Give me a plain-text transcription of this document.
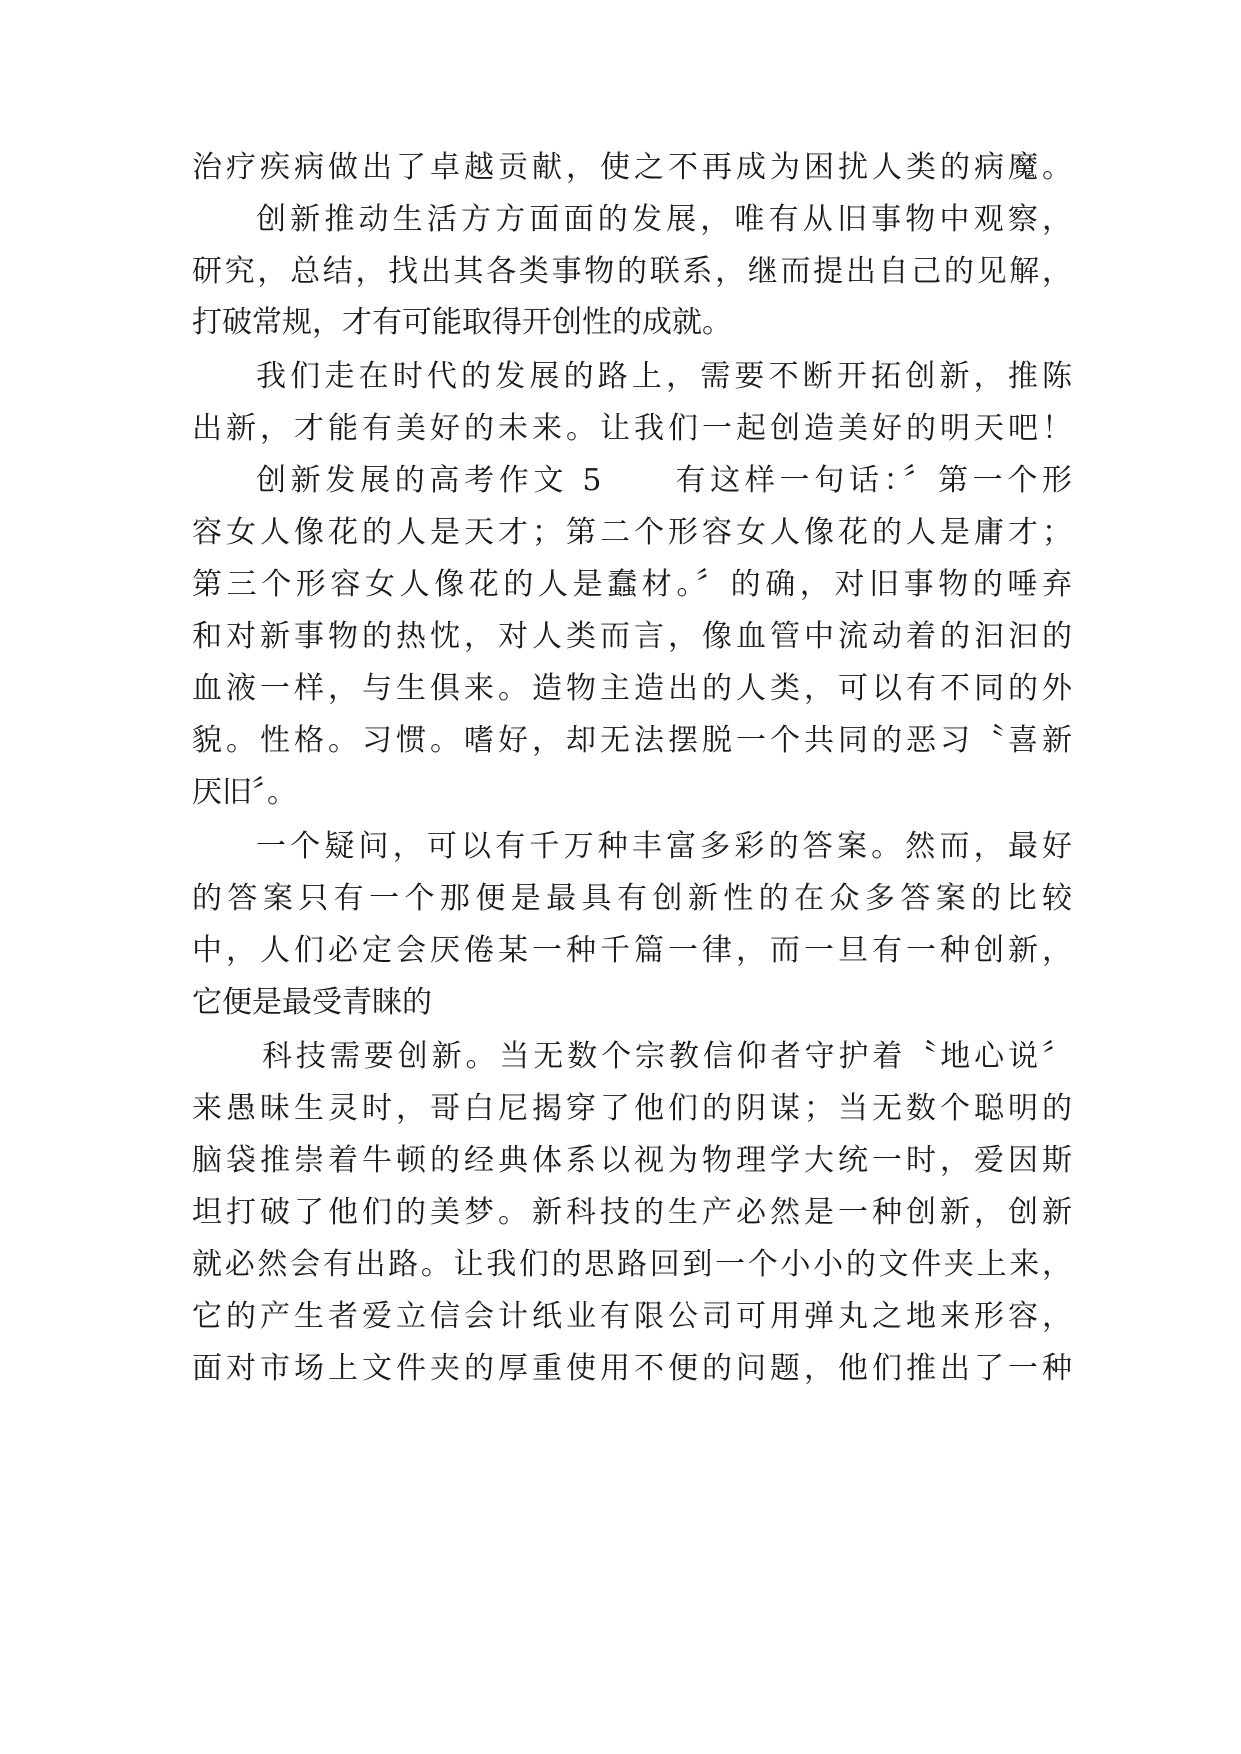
治疗疾病做出了卓越贡献，使之不再成为困扰人类的病魔。
创新推动生活方方面面的发展，唯有从旧事物中观察，
研究，总结，找出其各类事物的联系，继而提出自己的见解，
打破常规，才有可能取得开创性的成就。
我们走在时代的发展的路上，需要不断开拓创新，推陈
出新，才能有美好的未来。让我们一起创造美好的明天吧！
创新发展的高考作文 5　　有这样一句话：〞第一个形
容女人像花的人是天才；第二个形容女人像花的人是庸才；
第三个形容女人像花的人是蠢材。〞的确，对旧事物的唾弃
和对新事物的热忱，对人类而言，像血管中流动着的汩汩的
血液一样，与生俱来。造物主造出的人类，可以有不同的外
貌。性格。习惯。嗜好，却无法摆脱一个共同的恶习〝喜新
厌旧〞。
一个疑问，可以有千万种丰富多彩的答案。然而，最好
的答案只有一个那便是最具有创新性的在众多答案的比较
中，人们必定会厌倦某一种千篇一律，而一旦有一种创新，
它便是最受青睐的
科技需要创新。当无数个宗教信仰者守护着〝地心说〞
来愚昧生灵时，哥白尼揭穿了他们的阴谋；当无数个聪明的
脑袋推崇着牛顿的经典体系以视为物理学大统一时，爱因斯
坦打破了他们的美梦。新科技的生产必然是一种创新，创新
就必然会有出路。让我们的思路回到一个小小的文件夹上来，
它的产生者爱立信会计纸业有限公司可用弹丸之地来形容，
面对市场上文件夹的厚重使用不便的问题，他们推出了一种
